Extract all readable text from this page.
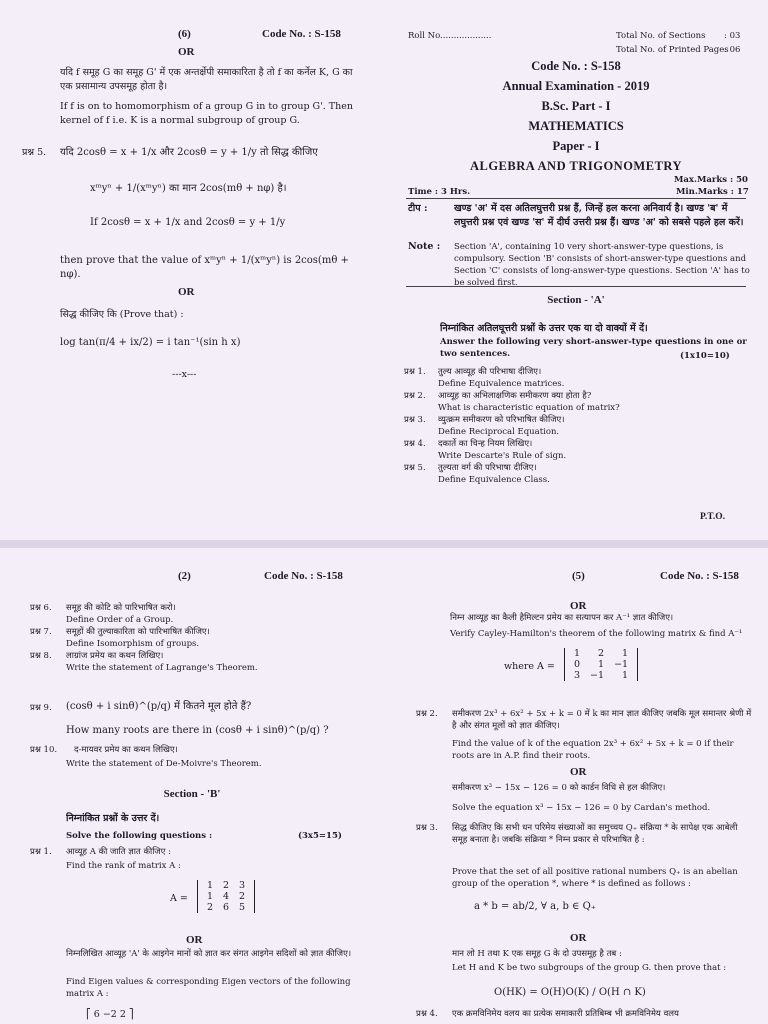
(6)	Code No. : S-158
OR
यदि f समूह G का समूह G' में एक अन्तर्क्षेपी समाकारिता है तो f का कर्नेल K, G का एक प्रसामान्य उपसमूह होता है।
If f is on to homomorphism of a group G in to group G'. Then kernel of f i.e. K is a normal subgroup of group G.
प्रश्न 5. यदि 2cosθ = x + 1/x और 2cosθ = y + 1/y तो सिद्ध कीजिए
xᵐyⁿ + 1/(xᵐyⁿ) का मान 2cos(mθ + nφ) है।
If 2cosθ = x + 1/x and 2cosθ = y + 1/y
then prove that the value of xᵐyⁿ + 1/(xᵐyⁿ) is 2cos(mθ + nφ).
OR
सिद्ध कीजिए कि (Prove that) :
log tan(π/4 + ix/2) = i tan⁻¹(sin h x)
---x---
Roll No...................	Total No. of Sections : 03
Total No. of Printed Pages
: 06
Code No. : S-158
Annual Examination - 2019
B.Sc. Part - I
MATHEMATICS
Paper - I
ALGEBRA AND TRIGONOMETRY
Max.Marks : 50
Time : 3 Hrs.	Min.Marks : 17
टीप :	खण्ड 'अ' में दस अतिलघुत्तरी प्रश्न हैं, जिन्हें हल करना अनिवार्य है। खण्ड 'ब' में लघुत्तरी प्रश्न एवं खण्ड 'स' में दीर्घ उत्तरी प्रश्न हैं। खण्ड 'अ' को सबसे पहले हल करें।
Note : Section 'A', containing 10 very short-answer-type questions, is compulsory. Section 'B' consists of short-answer-type questions and Section 'C' consists of long-answer-type questions. Section 'A' has to be solved first.
Section - 'A'
निम्नांकित अतिलघूत्तरी प्रश्नों के उत्तर एक या दो वाक्यों में दें।
Answer the following very short-answer-type questions in one or two sentences.	(1x10=10)
प्रश्न 1.	तुल्य आव्यूह की परिभाषा दीजिए।
Define Equivalence matrices.
प्रश्न 2.	आव्यूह का अभिलाक्षणिक समीकरण क्या होता है?
What is characteristic equation of matrix?
प्रश्न 3.	व्युत्क्रम समीकरण को परिभाषित कीजिए।
Define Reciprocal Equation.
प्रश्न 4.	दकार्ते का चिन्ह नियम लिखिए।
Write Descarte's Rule of sign.
प्रश्न 5.	तुल्यता वर्ग की परिभाषा दीजिए।
Define Equivalence Class.
P.T.O.
(2)	Code No. : S-158
प्रश्न 6.	समूह की कोटि को पारिभाषित करो।
Define Order of a Group.
प्रश्न 7.	समूहों की तुल्याकारिता को पारिभाषित कीजिए।
Define Isomorphism of groups.
प्रश्न 8.	लाग्रांज प्रमेय का कथन लिखिए।
Write the statement of Lagrange's Theorem.
प्रश्न 9. (cosθ + i sinθ)^(p/q) में कितने मूल होते हैं?
How many roots are there in (cosθ + i sinθ)^(p/q) ?
प्रश्न 10. द-मायवर प्रमेय का कथन लिखिए।
Write the statement of De-Moivre's Theorem.
Section - 'B'
निम्नांकित प्रश्नों के उत्तर दें।
Solve the following questions :	(3x5=15)
प्रश्न 1. आव्यूह A की जाति ज्ञात कीजिए :
Find the rank of matrix A :
A =
1	2	3
1	4	2
2	6	5
OR
निम्नलिखित आव्यूह 'A' के आइगेन मानों को ज्ञात कर संगत आइगेन सदिशों को ज्ञात कीजिए।
Find Eigen values & corresponding Eigen vectors of the following matrix A :
⎡ 6 −2 2 ⎤
(5)	Code No. : S-158
OR
निम्न आव्यूह का कैली हैमिल्टन प्रमेय का सत्यापन कर A⁻¹ ज्ञात कीजिए।
Verify Cayley-Hamilton's theorem of the following matrix & find A⁻¹
where A =
1	2	1
0	1	−1
3	−1	1
प्रश्न 2. समीकरण 2x³ + 6x² + 5x + k = 0 में k का मान ज्ञात कीजिए जबकि मूल समान्तर श्रेणी में है और संगत मूलों को ज्ञात कीजिए।
Find the value of k of the equation 2x³ + 6x² + 5x + k = 0 if their roots are in A.P. find their roots.
OR
समीकरण x³ − 15x − 126 = 0 को कार्डन विधि से हल कीजिए।
Solve the equation x³ − 15x − 126 = 0 by Cardan's method.
प्रश्न 3. सिद्ध कीजिए कि सभी धन परिमेय संख्याओं का समुच्चय Q₊ संक्रिया * के सापेक्ष एक आबेली समूह बनाता है। जबकि संक्रिया * निम्न प्रकार से परिभाषित है :
Prove that the set of all positive rational numbers Q₊ is an abelian group of the operation *, where * is defined as follows :
a * b = ab/2, ∀ a, b ∈ Q₊
OR
मान लो H तथा K एक समूह G के दो उपसमूह है तब :
Let H and K be two subgroups of the group G. then prove that :
O(HK) = O(H)O(K) / O(H ∩ K)
प्रश्न 4. एक क्रमविनिमेय वलय का प्रत्येक समाकारी प्रतिबिम्ब भी क्रमविनिमेय वलय
